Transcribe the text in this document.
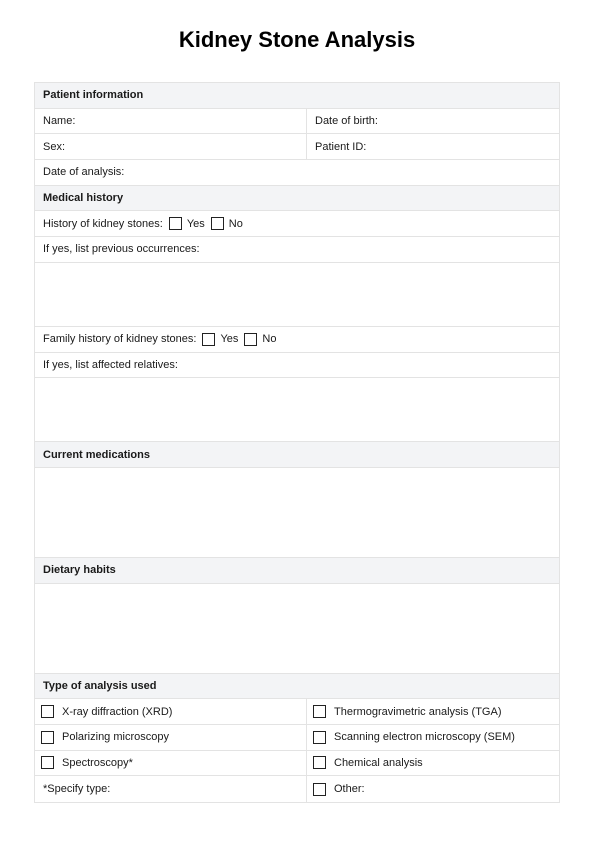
Kidney Stone Analysis
Patient information
Name:	Date of birth:
Sex:	Patient ID:
Date of analysis:
Medical history
History of kidney stones: Yes No
If yes, list previous occurrences:
Family history of kidney stones: Yes No
If yes, list affected relatives:
Current medications
Dietary habits
Type of analysis used
X-ray diffraction (XRD)	Thermogravimetric analysis (TGA)
Polarizing microscopy	Scanning electron microscopy (SEM)
Spectroscopy*	Chemical analysis
*Specify type:	Other:
